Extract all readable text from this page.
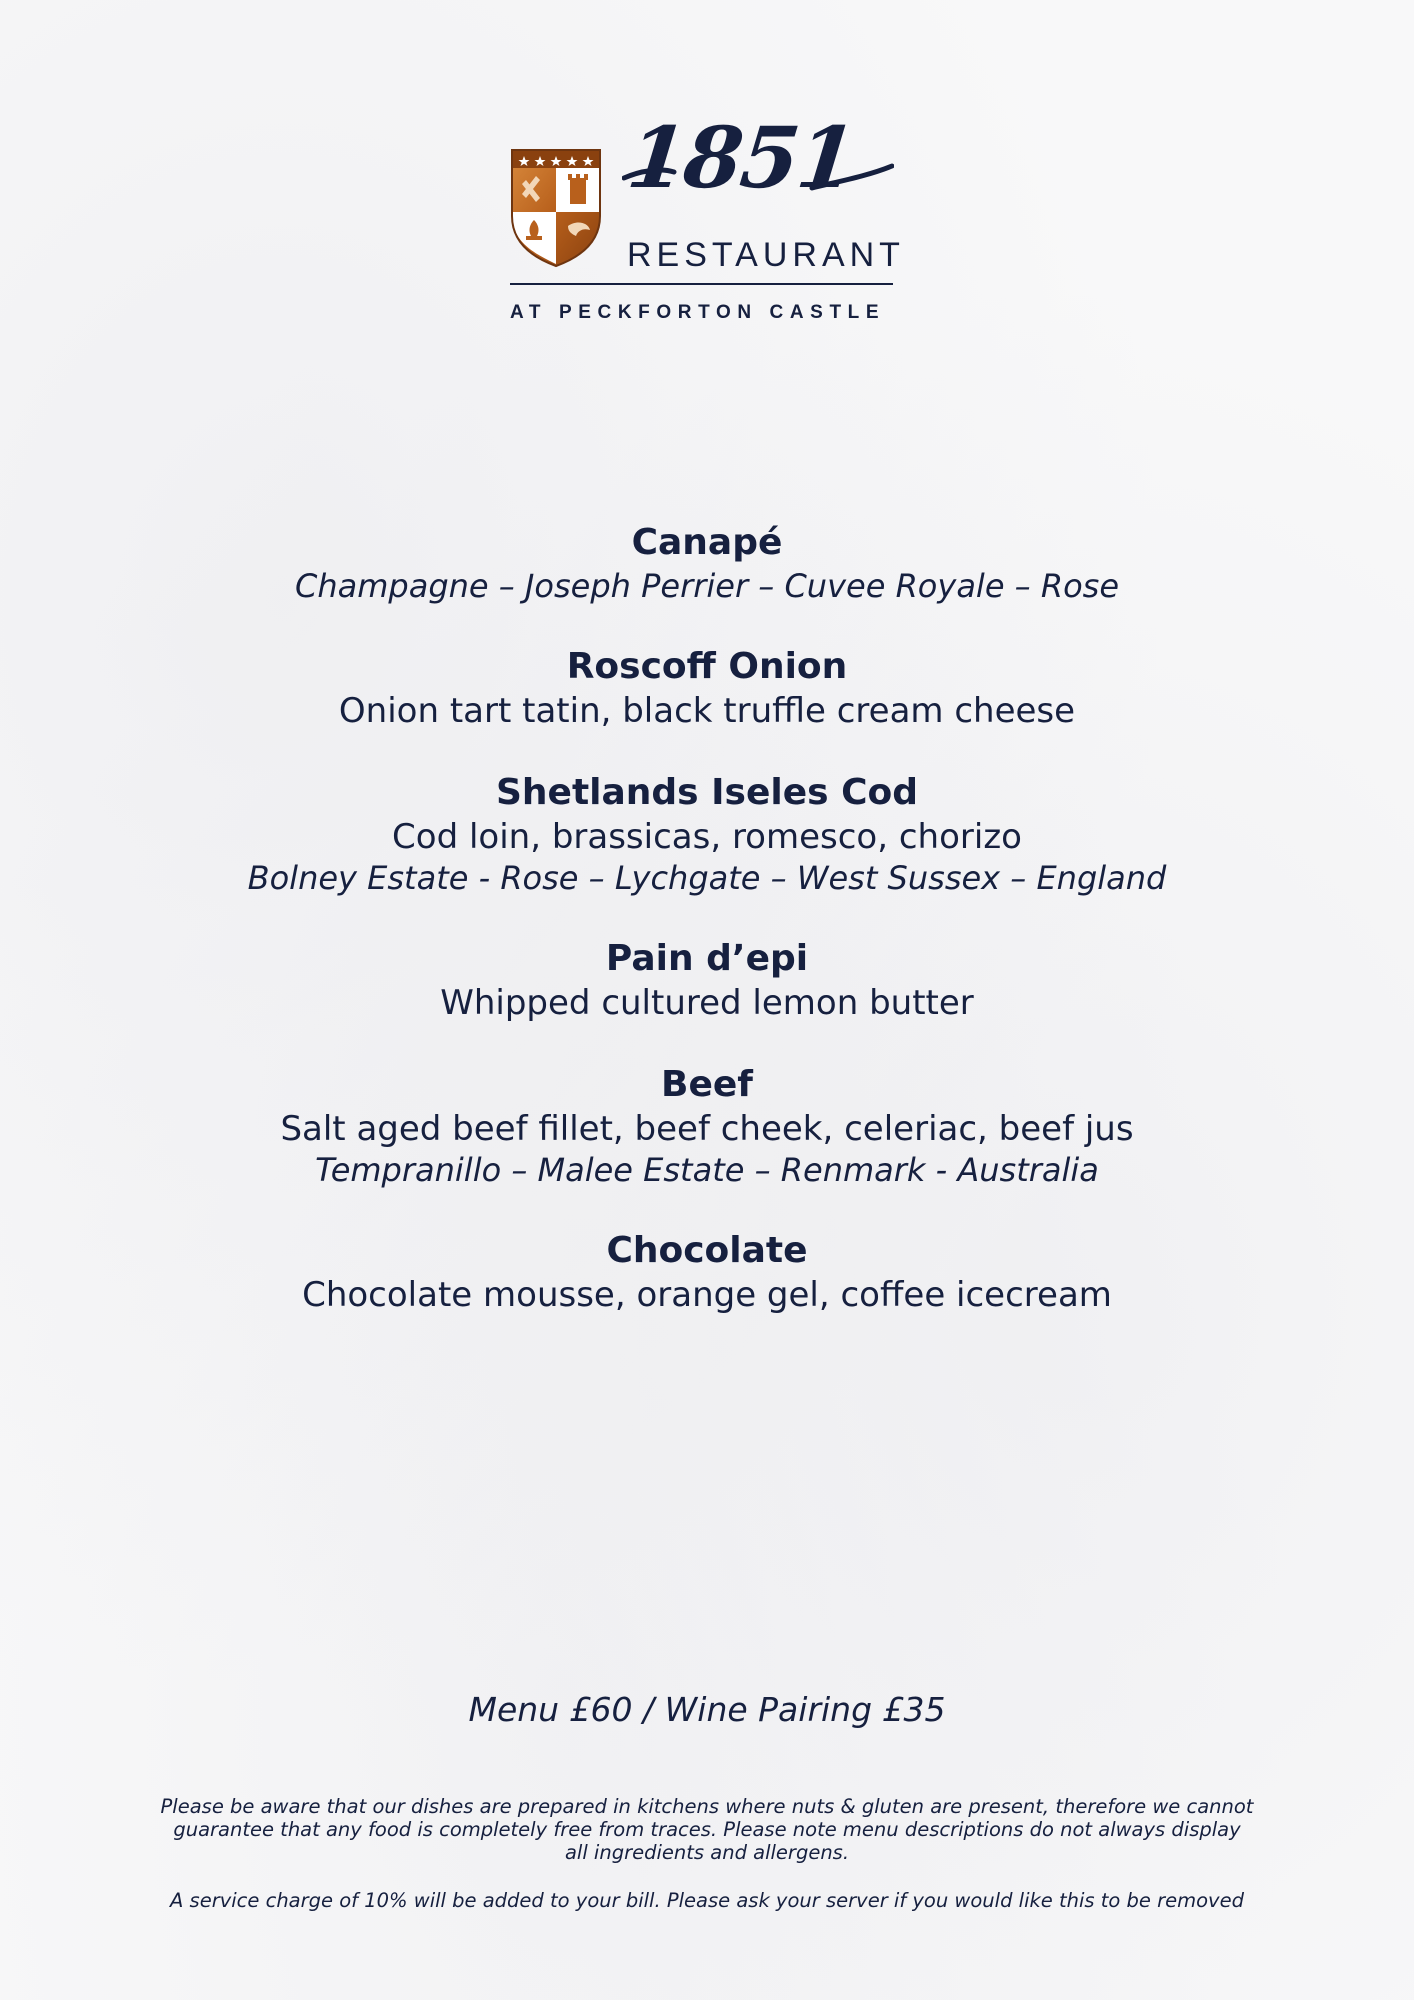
1851
RESTAURANT
AT PECKFORTON CASTLE
Canapé
Champagne – Joseph Perrier – Cuvee Royale – Rose
Roscoff Onion
Onion tart tatin, black truffle cream cheese
Shetlands Iseles Cod
Cod loin, brassicas, romesco, chorizo
Bolney Estate - Rose – Lychgate – West Sussex – England
Pain d’epi
Whipped cultured lemon butter
Beef
Salt aged beef fillet, beef cheek, celeriac, beef jus
Tempranillo – Malee Estate – Renmark - Australia
Chocolate
Chocolate mousse, orange gel, coffee icecream
Menu £60 / Wine Pairing £35
Please be aware that our dishes are prepared in kitchens where nuts & gluten are present, therefore we cannot guarantee that any food is completely free from traces. Please note menu descriptions do not always display all ingredients and allergens.
A service charge of 10% will be added to your bill. Please ask your server if you would like this to be removed
